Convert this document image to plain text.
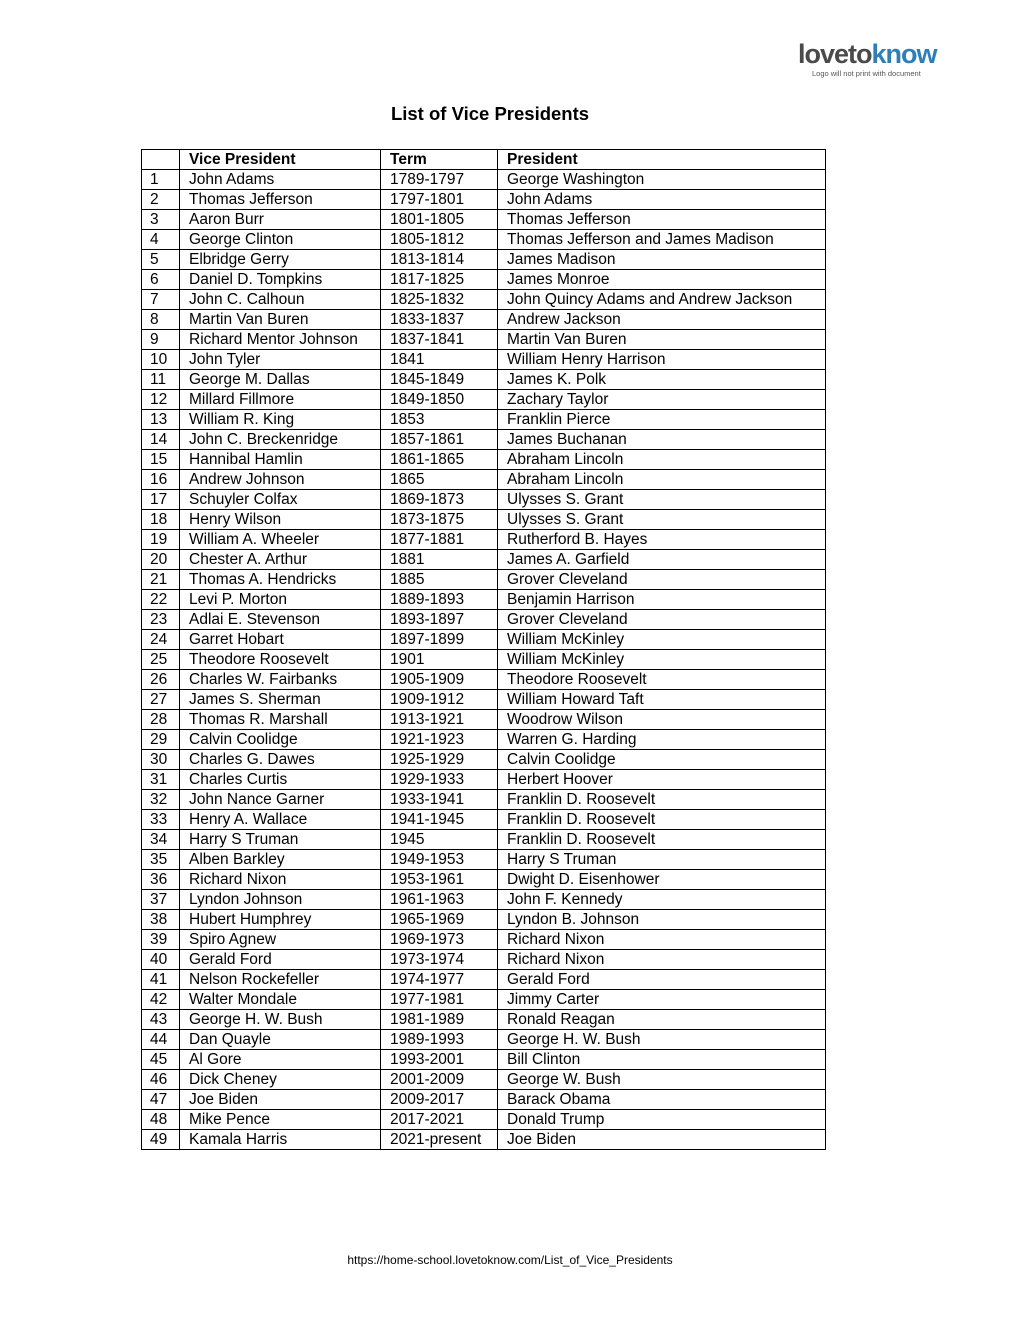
lovetoknow
Logo will not print with document
List of Vice Presidents
	Vice President	Term	President
1	John Adams	1789-1797	George Washington
2	Thomas Jefferson	1797-1801	John Adams
3	Aaron Burr	1801-1805	Thomas Jefferson
4	George Clinton	1805-1812	Thomas Jefferson and James Madison
5	Elbridge Gerry	1813-1814	James Madison
6	Daniel D. Tompkins	1817-1825	James Monroe
7	John C. Calhoun	1825-1832	John Quincy Adams and Andrew Jackson
8	Martin Van Buren	1833-1837	Andrew Jackson
9	Richard Mentor Johnson	1837-1841	Martin Van Buren
10	John Tyler	1841	William Henry Harrison
11	George M. Dallas	1845-1849	James K. Polk
12	Millard Fillmore	1849-1850	Zachary Taylor
13	William R. King	1853	Franklin Pierce
14	John C. Breckenridge	1857-1861	James Buchanan
15	Hannibal Hamlin	1861-1865	Abraham Lincoln
16	Andrew Johnson	1865	Abraham Lincoln
17	Schuyler Colfax	1869-1873	Ulysses S. Grant
18	Henry Wilson	1873-1875	Ulysses S. Grant
19	William A. Wheeler	1877-1881	Rutherford B. Hayes
20	Chester A. Arthur	1881	James A. Garfield
21	Thomas A. Hendricks	1885	Grover Cleveland
22	Levi P. Morton	1889-1893	Benjamin Harrison
23	Adlai E. Stevenson	1893-1897	Grover Cleveland
24	Garret Hobart	1897-1899	William McKinley
25	Theodore Roosevelt	1901	William McKinley
26	Charles W. Fairbanks	1905-1909	Theodore Roosevelt
27	James S. Sherman	1909-1912	William Howard Taft
28	Thomas R. Marshall	1913-1921	Woodrow Wilson
29	Calvin Coolidge	1921-1923	Warren G. Harding
30	Charles G. Dawes	1925-1929	Calvin Coolidge
31	Charles Curtis	1929-1933	Herbert Hoover
32	John Nance Garner	1933-1941	Franklin D. Roosevelt
33	Henry A. Wallace	1941-1945	Franklin D. Roosevelt
34	Harry S Truman	1945	Franklin D. Roosevelt
35	Alben Barkley	1949-1953	Harry S Truman
36	Richard Nixon	1953-1961	Dwight D. Eisenhower
37	Lyndon Johnson	1961-1963	John F. Kennedy
38	Hubert Humphrey	1965-1969	Lyndon B. Johnson
39	Spiro Agnew	1969-1973	Richard Nixon
40	Gerald Ford	1973-1974	Richard Nixon
41	Nelson Rockefeller	1974-1977	Gerald Ford
42	Walter Mondale	1977-1981	Jimmy Carter
43	George H. W. Bush	1981-1989	Ronald Reagan
44	Dan Quayle	1989-1993	George H. W. Bush
45	Al Gore	1993-2001	Bill Clinton
46	Dick Cheney	2001-2009	George W. Bush
47	Joe Biden	2009-2017	Barack Obama
48	Mike Pence	2017-2021	Donald Trump
49	Kamala Harris	2021-present	Joe Biden
https://home-school.lovetoknow.com/List_of_Vice_Presidents
